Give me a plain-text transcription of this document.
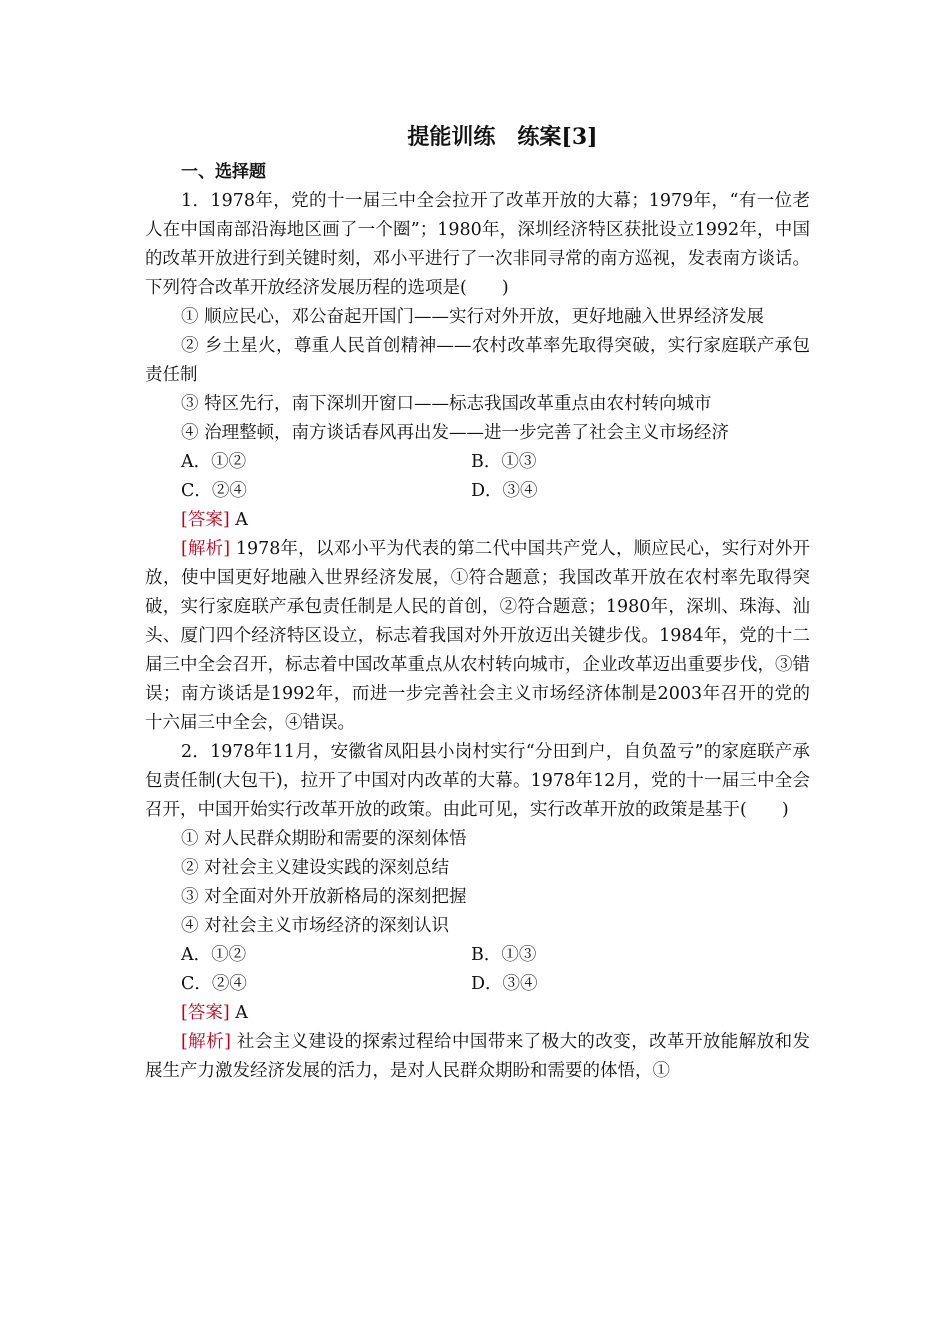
提能训练　练案[3]
一、选择题

1．1978年，党的十一届三中全会拉开了改革开放的大幕；1979年，“有一位老人在中国南部沿海地区画了一个圈”；1980年，深圳经济特区获批设立1992年，中国的改革开放进行到关键时刻，邓小平进行了一次非同寻常的南方巡视，发表南方谈话。下列符合改革开放经济发展历程的选项是(　　)

① 顺应民心，邓公奋起开国门——实行对外开放，更好地融入世界经济发展

② 乡土星火，尊重人民首创精神——农村改革率先取得突破，实行家庭联产承包责任制

③ 特区先行，南下深圳开窗口——标志我国改革重点由农村转向城市

④ 治理整顿，南方谈话春风再出发——进一步完善了社会主义市场经济

A．①②	B．①③
C．②④	D．③④
[答案] A

[解析] 1978年，以邓小平为代表的第二代中国共产党人，顺应民心，实行对外开放，使中国更好地融入世界经济发展，①符合题意；我国改革开放在农村率先取得突破，实行家庭联产承包责任制是人民的首创，②符合题意；1980年，深圳、珠海、汕头、厦门四个经济特区设立，标志着我国对外开放迈出关键步伐。1984年，党的十二届三中全会召开，标志着中国改革重点从农村转向城市，企业改革迈出重要步伐，③错误；南方谈话是1992年，而进一步完善社会主义市场经济体制是2003年召开的党的十六届三中全会，④错误。

2．1978年11月，安徽省凤阳县小岗村实行“分田到户，自负盈亏”的家庭联产承包责任制(大包干)，拉开了中国对内改革的大幕。1978年12月，党的十一届三中全会召开，中国开始实行改革开放的政策。由此可见，实行改革开放的政策是基于(　　)

① 对人民群众期盼和需要的深刻体悟

② 对社会主义建设实践的深刻总结

③ 对全面对外开放新格局的深刻把握

④ 对社会主义市场经济的深刻认识

A．①②	B．①③
C．②④	D．③④
[答案] A

[解析] 社会主义建设的探索过程给中国带来了极大的改变，改革开放能解放和发展生产力激发经济发展的活力，是对人民群众期盼和需要的体悟，①
